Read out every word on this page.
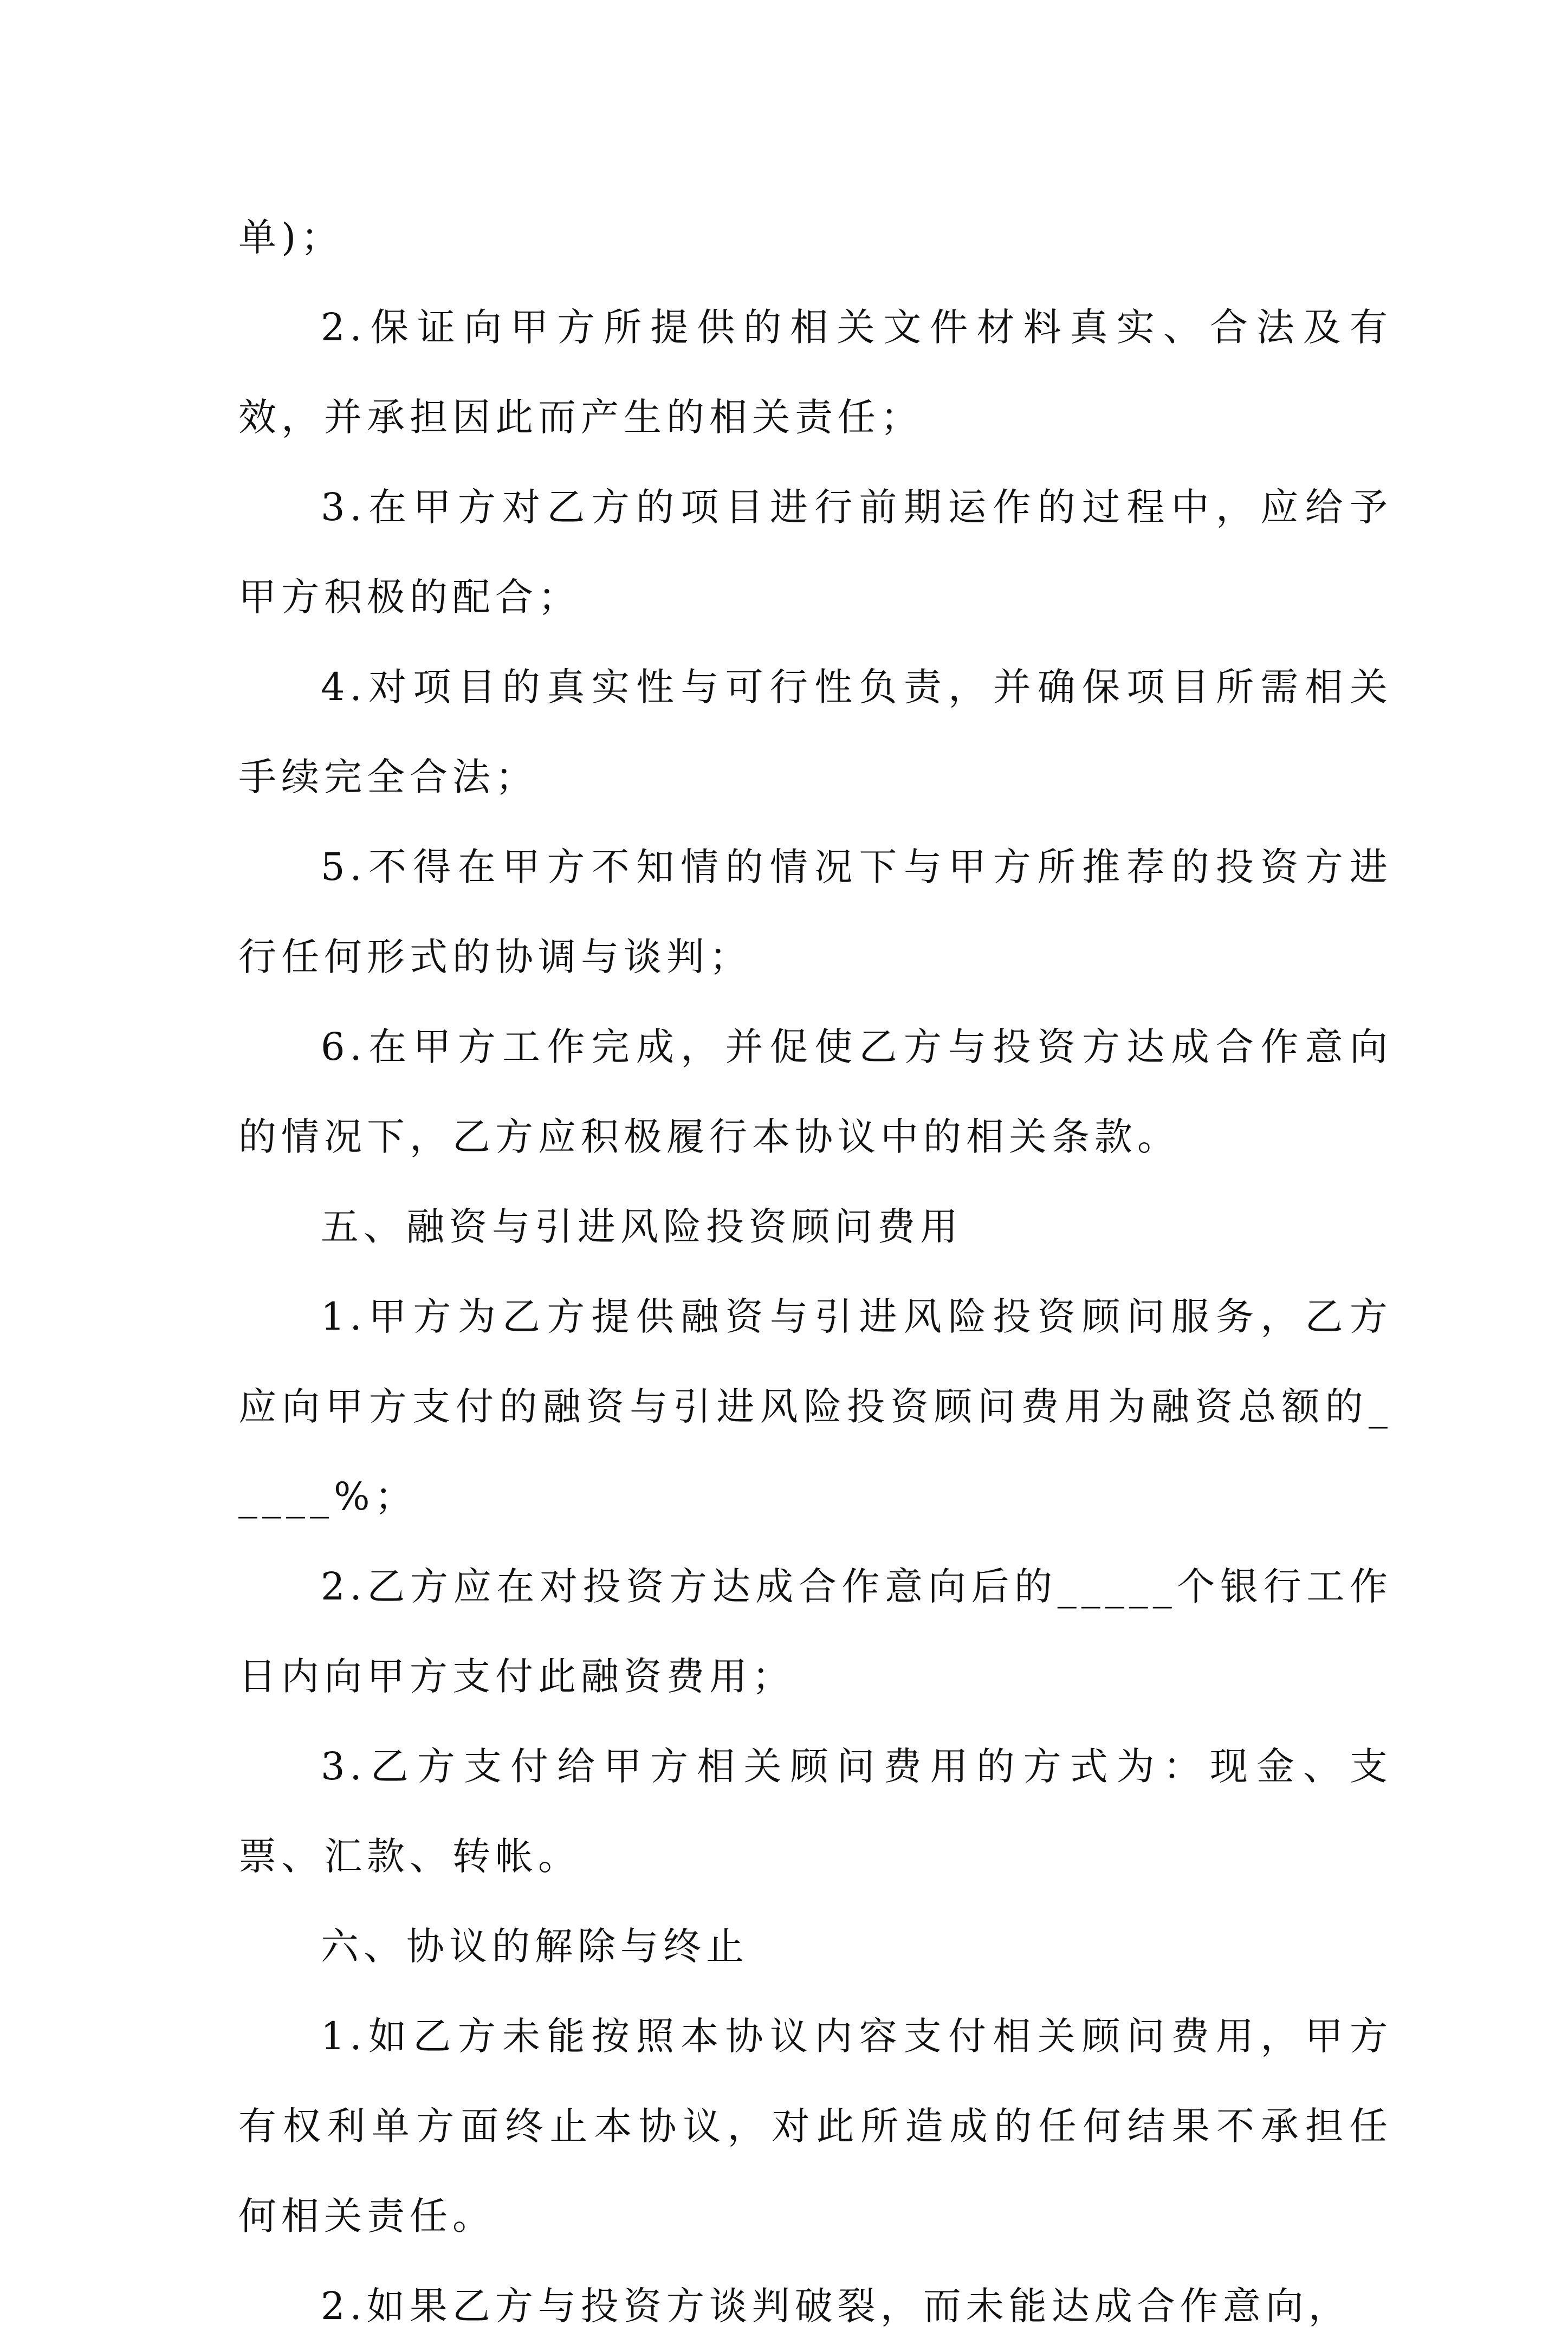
单)；

2.保证向甲方所提供的相关文件材料真实、合法及有效，并承担因此而产生的相关责任；

3.在甲方对乙方的项目进行前期运作的过程中，应给予甲方积极的配合；

4.对项目的真实性与可行性负责，并确保项目所需相关手续完全合法；

5.不得在甲方不知情的情况下与甲方所推荐的投资方进行任何形式的协调与谈判；

6.在甲方工作完成，并促使乙方与投资方达成合作意向的情况下，乙方应积极履行本协议中的相关条款。

五、融资与引进风险投资顾问费用

1.甲方为乙方提供融资与引进风险投资顾问服务，乙方应向甲方支付的融资与引进风险投资顾问费用为融资总额的_____%；

2.乙方应在对投资方达成合作意向后的_____个银行工作日内向甲方支付此融资费用；

3.乙方支付给甲方相关顾问费用的方式为：现金、支票、汇款、转帐。

六、协议的解除与终止

1.如乙方未能按照本协议内容支付相关顾问费用，甲方有权利单方面终止本协议，对此所造成的任何结果不承担任何相关责任。

2.如果乙方与投资方谈判破裂，而未能达成合作意向，
